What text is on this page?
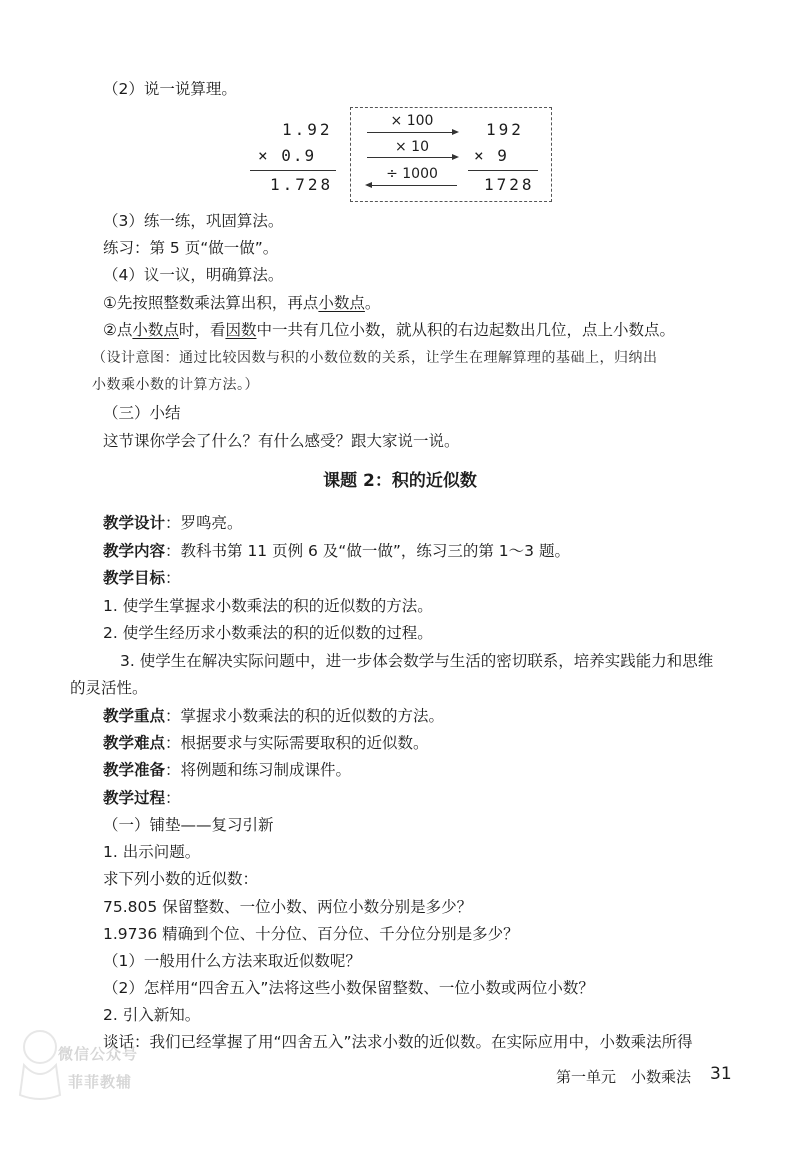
1.92
× 0.9
1.728
× 100
× 10
÷ 1000
192
× 9
1728
（2）说一说算理。
（3）练一练，巩固算法。
练习：第 5 页“做一做”。
（4）议一议，明确算法。
①先按照整数乘法算出积，再点小数点。
②点小数点时，看因数中一共有几位小数，就从积的右边起数出几位，点上小数点。
（设计意图：通过比较因数与积的小数位数的关系，让学生在理解算理的基础上，归纳出
小数乘小数的计算方法。）
（三）小结
这节课你学会了什么？有什么感受？跟大家说一说。
课题 2：积的近似数
教学设计：罗鸣亮。
教学内容：教科书第 11 页例 6 及“做一做”，练习三的第 1～3 题。
教学目标：
1. 使学生掌握求小数乘法的积的近似数的方法。
2. 使学生经历求小数乘法的积的近似数的过程。
3. 使学生在解决实际问题中，进一步体会数学与生活的密切联系，培养实践能力和思维
的灵活性。
教学重点：掌握求小数乘法的积的近似数的方法。
教学难点：根据要求与实际需要取积的近似数。
教学准备：将例题和练习制成课件。
教学过程：
（一）铺垫——复习引新
1. 出示问题。
求下列小数的近似数：
75.805 保留整数、一位小数、两位小数分别是多少？
1.9736 精确到个位、十分位、百分位、千分位分别是多少？
（1）一般用什么方法来取近似数呢？
（2）怎样用“四舍五入”法将这些小数保留整数、一位小数或两位小数？
2. 引入新知。
谈话：我们已经掌握了用“四舍五入”法求小数的近似数。在实际应用中，小数乘法所得
第一单元　小数乘法 31
微信公众号
菲菲教辅
